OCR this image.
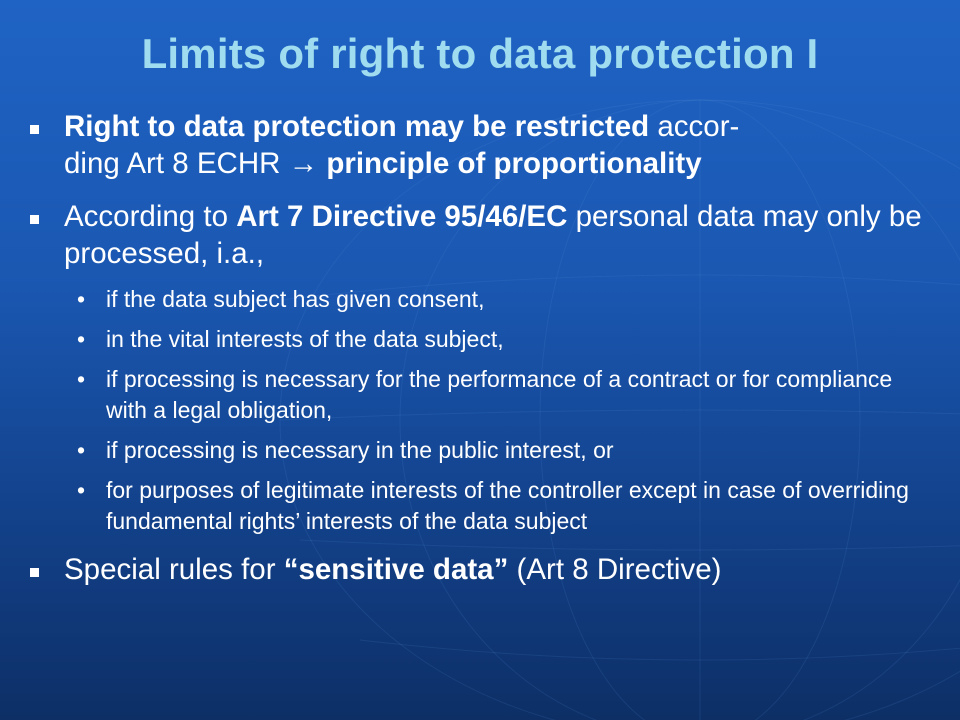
Limits of right to data protection I
Right to data protection may be restricted accor-
ding Art 8 ECHR → principle of proportionality
According to Art 7 Directive 95/46/EC personal data may only be processed, i.a.,
• if the data subject has given consent,
• in the vital interests of the data subject,
• if processing is necessary for the performance of a contract or for compliance with a legal obligation,
• if processing is necessary in the public interest, or
• for purposes of legitimate interests of the controller except in case of overriding fundamental rights’ interests of the data subject
Special rules for “sensitive data” (Art 8 Directive)
